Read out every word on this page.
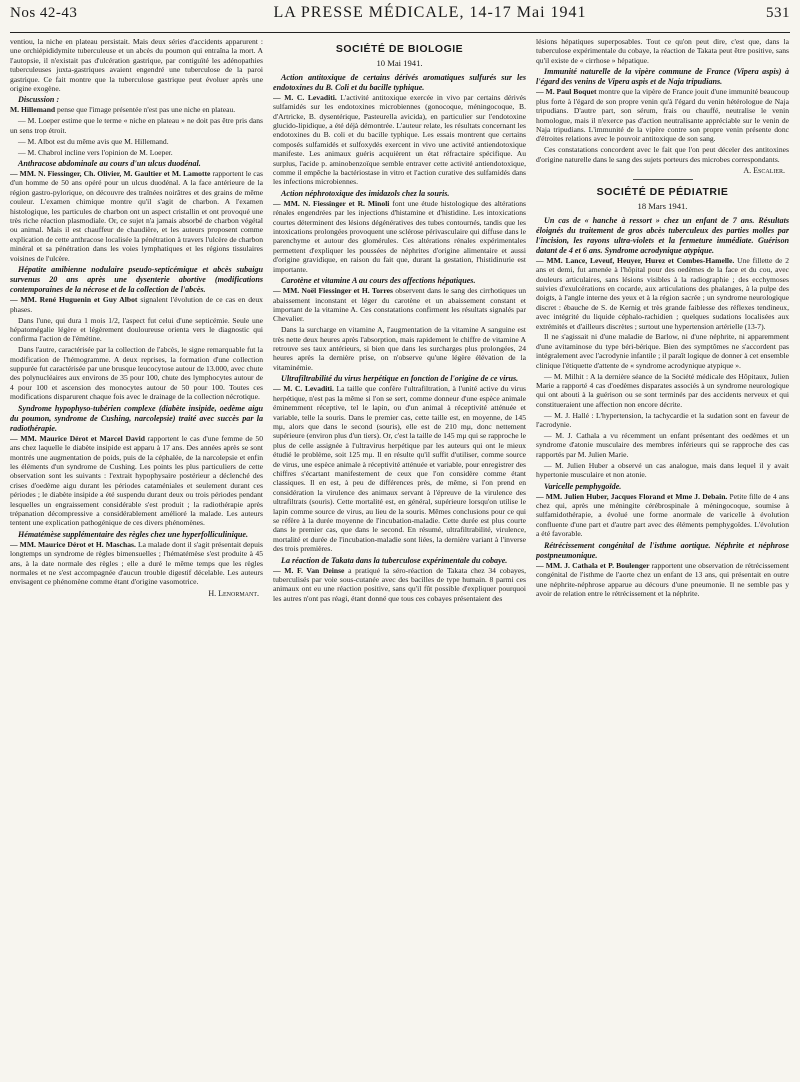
Nos 42-43	LA PRESSE MÉDICALE, 14-17 Mai 1941	531

ventiou, la niche en plateau persistait. Mais deux séries d'accidents apparurent : une orchiépididymite tuberculeuse et un abcès du poumon qui entraîna la mort. A l'autopsie, il n'existait pas d'ulcération gastrique, par contiguïté les adénopathies tuberculeuses juxta-gastriques avaient engendré une tuberculose de la paroi gastrique. Ce fait montre que la tuberculose gastrique peut évoluer après une origine exogène.

Discussion :
M. Hillemand pense que l'image présentée n'est pas une niche en plateau.

— M. Loeper estime que le terme « niche en plateau » ne doit pas être pris dans un sens trop étroit.

— M. Albot est du même avis que M. Hillemand.

— M. Chabrol incline vers l'opinion de M. Loeper.

Anthracose abdominale au cours d'un ulcus duodénal.
— MM. N. Fiessinger, Ch. Olivier, M. Gaultier et M. Lamotte rapportent le cas d'un homme de 50 ans opéré pour un ulcus duodénal. A la face antérieure de la région gastro-pylorique, on découvre des traînées noirâtres et des grains de même couleur. L'examen chimique montre qu'il s'agit de charbon. A l'examen histologique, les particules de charbon ont un aspect cristallin et ont provoqué une très riche réaction plasmodiale. Or, ce sujet n'a jamais absorbé de charbon végétal ou animal. Mais il est chauffeur de chaudière, et les auteurs proposent comme explication de cette anthracose localisée la pénétration à travers l'ulcère de charbon minéral et sa pénétration dans les voies lymphatiques et les régions tissulaires voisines de l'ulcère.

Hépatite amibienne nodulaire pseudo-septicémique et abcès subaigu survenus 20 ans après une dysenterie abortive (modifications contemporaines de la nécrose et de la collection de l'abcès.
— MM. René Huguenin et Guy Albot signalent l'évolution de ce cas en deux phases.

Dans l'une, qui dura 1 mois 1/2, l'aspect fut celui d'une septicémie. Seule une hépatomégalie légère et légèrement douloureuse orienta vers le diagnostic qui confirma l'action de l'émétine.

Dans l'autre, caractérisée par la collection de l'abcès, le signe remarquable fut la modification de l'hémogramme. A deux reprises, la formation d'une collection suppurée fut caractérisée par une brusque leucocytose autour de 13.000, avec chute des polynucléaires aux environs de 35 pour 100, chute des lymphocytes autour de 4 pour 100 et ascension des monocytes autour de 50 pour 100. Toutes ces modifications disparurent chaque fois avec le drainage de la collection nécrotique.

Syndrome hypophyso-tubérien complexe (diabète insipide, oedème aigu du poumon, syndrome de Cushing, narcolepsie) traité avec succès par la radiothérapie.
— MM. Maurice Dérot et Marcel David rapportent le cas d'une femme de 50 ans chez laquelle le diabète insipide est apparu à 17 ans. Des années après se sont montrés une augmentation de poids, puis de la céphalée, de la narcolepsie et enfin les éléments d'un syndrome de Cushing. Les points les plus particuliers de cette observation sont les suivants : l'extrait hypophysaire postérieur a déclenché des crises d'oedème aigu durant les périodes cataméniales et seulement durant ces périodes ; le diabète insipide a été suspendu durant deux ou trois périodes pendant lesquelles un engraissement considérable s'est produit ; la radiothérapie après trépanation décompressive a considérablement amélioré la malade. Les auteurs tentent une explication pathogénique de ces divers phénomènes.

Hématémèse supplémentaire des règles chez une hyperfolliculinique.
— MM. Maurice Dérot et H. Maschas. La malade dont il s'agit présentait depuis longtemps un syndrome de règles bimensuelles ; l'hématémèse s'est produite à 45 ans, à la date normale des règles ; elle a duré le même temps que les règles normales et ne s'est accompagnée d'aucun trouble digestif décelable. Les auteurs envisagent ce phénomène comme étant d'origine vasomotrice.

H. Lenormant.
SOCIÉTÉ DE BIOLOGIE
10 Mai 1941.

Action antitoxique de certains dérivés aromatiques sulfurés sur les endotoxines du B. Coli et du bacille typhique.
— M. C. Levaditi. L'activité antitoxique exercée in vivo par certains dérivés sulfamidés sur les endotoxines microbiennes (gonocoque, méningocoque, B. d'Artricke, B. dysentérique, Pasteurella avicida), en particulier sur l'endotoxine glucido-lipidique, a été déjà démontrée. L'auteur relate, les résultats concernant les endotoxines du B. coli et du bacille typhique. Les essais montrent que certains composés sulfamidés et sulfoxydés exercent in vivo une activité antiendotoxique manifeste. Les animaux guéris acquièrent un état réfractaire spécifique. Au surplus, l'acide p. aminobenzoïque semble entraver cette activité antiendotoxique, comme il empêche la bactériostase in vitro et l'action curative des sulfamidés dans les infections microbiennes.

Action néphrotoxique des imidazols chez la souris.
— MM. N. Fiessinger et R. Minoli font une étude histologique des altérations rénales engendrées par les injections d'histamine et d'histidine. Les intoxications courtes déterminent des lésions dégénératives des tubes contournés, tandis que les intoxications prolongées provoquent une sclérose périvasculaire qui diffuse dans le parenchyme et autour des glomérules. Ces altérations rénales expérimentales permettent d'expliquer les poussées de néphrites d'origine alimentaire et aussi d'origine gravidique, en raison du fait que, durant la gestation, l'histidinurie est importante.

Carotène et vitamine A au cours des affections hépatiques.
— MM. Noël Fiessinger et H. Torres observent dans le sang des cirrhotiques un abaissement inconstant et léger du carotène et un abaissement constant et important de la vitamine A. Ces constatations confirment les résultats signalés par Chevalier.

Dans la surcharge en vitamine A, l'augmentation de la vitamine A sanguine est très nette deux heures après l'absorption, mais rapidement le chiffre de vitamine A retrouve ses taux antérieurs, si bien que dans les surcharges plus prolongées, 24 heures après la dernière prise, on n'observe qu'une légère élévation de la vitaminémie.

Ultrafiltrabilité du virus herpétique en fonction de l'origine de ce virus.
— M. C. Levaditi. La taille que confère l'ultrafiltration, à l'unité active du virus herpétique, n'est pas la même si l'on se sert, comme donneur d'une espèce animale éminemment réceptive, tel le lapin, ou d'un animal à réceptivité atténuée et variable, telle la souris. Dans le premier cas, cette taille est, en moyenne, de 145 mμ, alors que dans le second (souris), elle est de 210 mμ, donc nettement supérieure (environ plus d'un tiers). Or, c'est la taille de 145 mμ qui se rapproche le plus de celle assignée à l'ultravirus herpétique par les auteurs qui ont le mieux étudié le problème, soit 125 mμ. Il en résulte qu'il suffit d'utiliser, comme source de virus, une espèce animale à réceptivité atténuée et variable, pour enregistrer des chiffres s'écartant manifestement de ceux que l'on considère comme étant classiques. Il en est, à peu de différences près, de même, si l'on prend en considération la virulence des animaux servant à l'épreuve de la virulence des ultrafiltrats (souris). Cette mortalité est, en général, supérieure lorsqu'on utilise le lapin comme source de virus, au lieu de la souris. Mêmes conclusions pour ce qui se réfère à la durée moyenne de l'incubation-maladie. Cette durée est plus courte dans le premier cas, que dans le second. En résumé, ultrafiltrabilité, virulence, mortalité et durée de l'incubation-maladie sont liées, la dernière variant à l'inverse des trois premières.

La réaction de Takata dans la tuberculose expérimentale du cobaye.
— M. F. Van Deinse a pratiqué la séro-réaction de Takata chez 34 cobayes, tuberculisés par voie sous-cutanée avec des bacilles de type humain. 8 parmi ces animaux ont eu une réaction positive, sans qu'il fût possible d'expliquer pourquoi les autres n'ont pas réagi, étant donné que tous ces cobayes présentaient des

lésions hépatiques superposables. Tout ce qu'on peut dire, c'est que, dans la tuberculose expérimentale du cobaye, la réaction de Takata peut être positive, sans qu'il existe de « cirrhose » hépatique.

Immunité naturelle de la vipère commune de France (Vipera aspis) à l'égard des venins de Vipera aspis et de Naja tripudians.
— M. Paul Boquet montre que la vipère de France jouit d'une immunité beaucoup plus forte à l'égard de son propre venin qu'à l'égard du venin hétérologue de Naja tripudians. D'autre part, son sérum, frais ou chauffé, neutralise le venin homologue, mais il n'exerce pas d'action neutralisante appréciable sur le venin de Naja tripudians. L'immunité de la vipère contre son propre venin présente donc d'étroites relations avec le pouvoir antitoxique de son sang.

Ces constatations concordent avec le fait que l'on peut déceler des antitoxines d'origine naturelle dans le sang des sujets porteurs des microbes correspondants.

A. Escalier.
SOCIÉTÉ DE PÉDIATRIE
18 Mars 1941.

Un cas de « hanche à ressort » chez un enfant de 7 ans. Résultats éloignés du traitement de gros abcès tuberculeux des parties molles par l'incision, les rayons ultra-violets et la fermeture immédiate. Guérison datant de 4 et 6 ans. Syndrome acrodynique atypique.
— MM. Lance, Leveuf, Heuyer, Hurez et Combes-Hamelle. Une fillette de 2 ans et demi, fut amenée à l'hôpital pour des oedèmes de la face et du cou, avec douleurs articulaires, sans lésions visibles à la radiographie ; des ecchymoses suivies d'exulcérations en cocarde, aux articulations des phalanges, à la pulpe des doigts, à l'angle interne des yeux et à la région sacrée ; un syndrome neurologique discret : ébauche de S. de Kernig et très grande faiblesse des réflexes tendineux, avec intégrité du liquide céphalo-rachidien ; quelques sudations localisées aux extrémités et d'ailleurs discrètes ; surtout une hypertension artérielle (13-7).

Il ne s'agissait ni d'une maladie de Barlow, ni d'une néphrite, ni apparemment d'une avitaminose du type béri-bérique. Bien des symptômes ne s'accordent pas intégralement avec l'acrodynie infantile ; il paraît logique de donner à cet ensemble clinique l'étiquette d'attente de « syndrome acrodynique atypique ».

— M. Milhit : A la dernière séance de la Société médicale des Hôpitaux, Julien Marie a rapporté 4 cas d'oedèmes disparates associés à un syndrome neurologique qui ont abouti à la guérison ou se sont terminés par des accidents nerveux et qui constitueraient une affection non encore décrite.

— M. J. Hallé : L'hypertension, la tachycardie et la sudation sont en faveur de l'acrodynie.

— M. J. Cathala a vu récemment un enfant présentant des oedèmes et un syndrome d'atonie musculaire des membres inférieurs qui se rapproche des cas rapportés par M. Julien Marie.

— M. Julien Huber a observé un cas analogue, mais dans lequel il y avait hypertonie musculaire et non atonie.

Varicelle pemphygoïde.
— MM. Julien Huber, Jacques Florand et Mme J. Debain. Petite fille de 4 ans chez qui, après une méningite cérébrospinale à méningocoque, soumise à sulfamidothérapie, a évolué une forme anormale de varicelle à évolution confluente d'une part et d'autre part avec des éléments pemphygoïdes. L'évolution a été favorable.

Rétrécissement congénital de l'isthme aortique. Néphrite et néphrose postpneumonique.
— MM. J. Cathala et P. Boulenger rapportent une observation de rétrécissement congénital de l'isthme de l'aorte chez un enfant de 13 ans, qui présentait en outre une néphrite-néphrose apparue au décours d'une pneumonie. Il ne semble pas y avoir de relation entre le rétrécissement et la néphrite.
